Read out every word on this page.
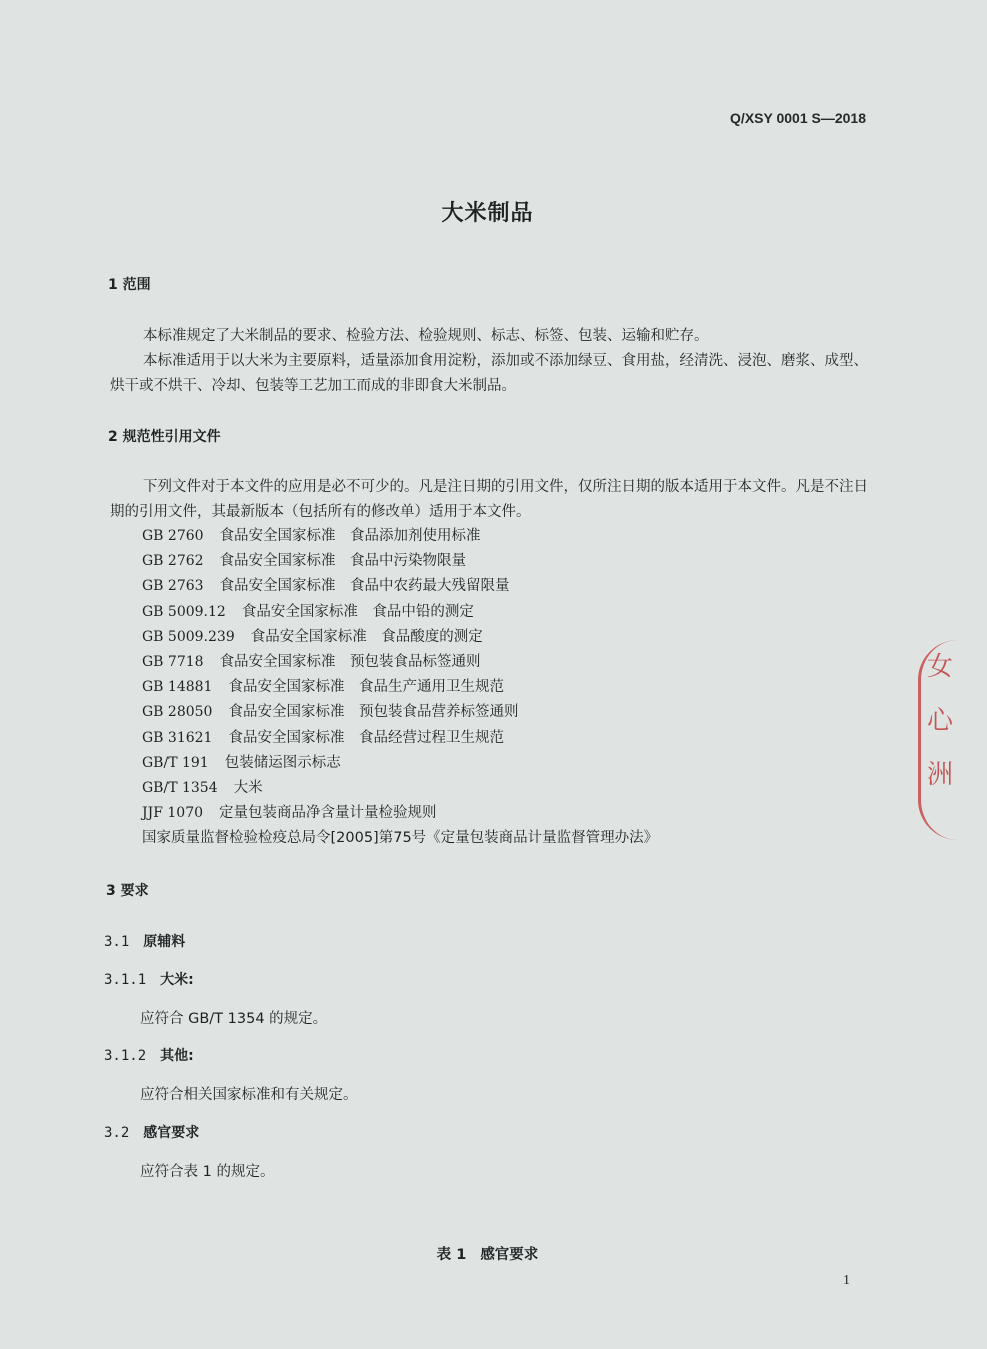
Q/XSY 0001 S—2018
大米制品
1 范围

本标准规定了大米制品的要求、检验方法、检验规则、标志、标签、包装、运输和贮存。

本标准适用于以大米为主要原料，适量添加食用淀粉，添加或不添加绿豆、食用盐，经清洗、浸泡、磨浆、成型、烘干或不烘干、冷却、包装等工艺加工而成的非即食大米制品。

2 规范性引用文件

下列文件对于本文件的应用是必不可少的。凡是注日期的引用文件，仅所注日期的版本适用于本文件。凡是不注日期的引用文件，其最新版本（包括所有的修改单）适用于本文件。

GB 2760 食品安全国家标准　食品添加剂使用标准
GB 2762 食品安全国家标准　食品中污染物限量
GB 2763 食品安全国家标准　食品中农药最大残留限量
GB 5009.12 食品安全国家标准　食品中铅的测定
GB 5009.239 食品安全国家标准　食品酸度的测定
GB 7718 食品安全国家标准　预包装食品标签通则
GB 14881 食品安全国家标准　食品生产通用卫生规范
GB 28050 食品安全国家标准　预包装食品营养标签通则
GB 31621 食品安全国家标准　食品经营过程卫生规范
GB/T 191 包装储运图示标志
GB/T 1354 大米
JJF 1070 定量包装商品净含量计量检验规则
国家质量监督检验检疫总局令[2005]第75号《定量包装商品计量监督管理办法》
3 要求
3.1 原辅料
3.1.1 大米:
应符合 GB/T 1354 的规定。
3.1.2 其他:
应符合相关国家标准和有关规定。
3.2 感官要求
应符合表 1 的规定。
表 1 感官要求
1
女
心
洲
